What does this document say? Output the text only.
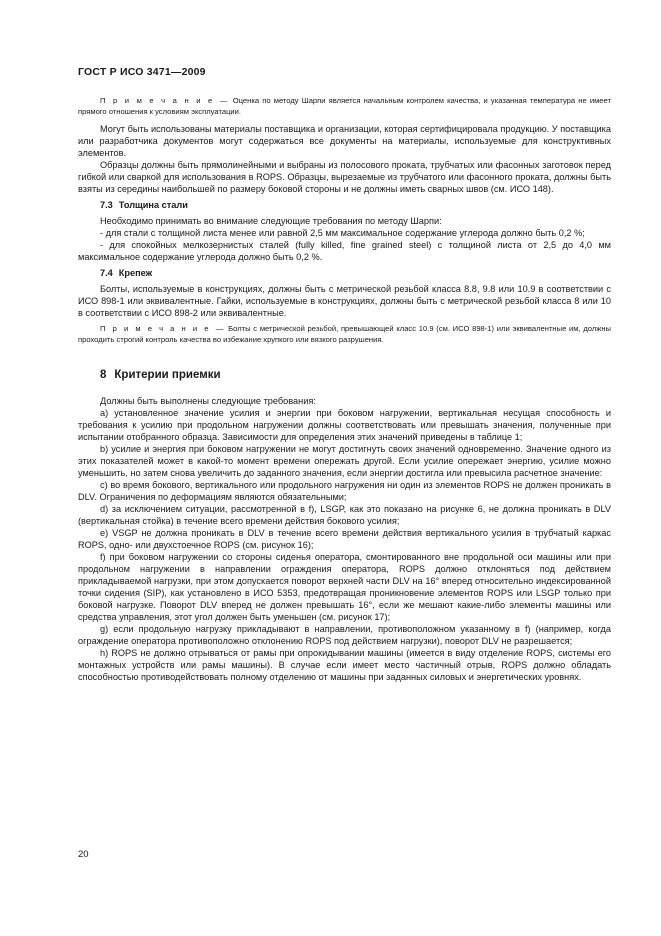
ГОСТ Р ИСО 3471—2009

П р и м е ч а н и е — Оценка по методу Шарпи является начальным контролем качества, и указанная температура не имеет прямого отношения к условиям эксплуатации.

Могут быть использованы материалы поставщика и организации, которая сертифицировала продукцию. У поставщика или разработчика документов могут содержаться все документы на материалы, используемые для конструктивных элементов.

Образцы должны быть прямолинейными и выбраны из полосового проката, трубчатых или фасонных заготовок перед гибкой или сваркой для использования в ROPS. Образцы, вырезаемые из трубчатого или фасонного проката, должны быть взяты из середины наибольшей по размеру боковой стороны и не должны иметь сварных швов (см. ИСО 148).

7.3 Толщина стали

Необходимо принимать во внимание следующие требования по методу Шарпи:

- для стали с толщиной листа менее или равной 2,5 мм максимальное содержание углерода должно быть 0,2 %;

- для спокойных мелкозернистых сталей (fully killed, fine grained steel) с толщиной листа от 2,5 до 4,0 мм максимальное содержание углерода должно быть 0,2 %.

7.4 Крепеж

Болты, используемые в конструкциях, должны быть с метрической резьбой класса 8.8, 9.8 или 10.9 в соответствии с ИСО 898-1 или эквивалентные. Гайки, используемые в конструкциях, должны быть с метрической резьбой класса 8 или 10 в соответствии с ИСО 898-2 или эквивалентные.

П р и м е ч а н и е — Болты с метрической резьбой, превышающей класс 10.9 (см. ИСО 898-1) или эквивалентные им, должны проходить строгий контроль качества во избежание хрупкого или вязкого разрушения.

8 Критерии приемки

Должны быть выполнены следующие требования:

а) установленное значение усилия и энергии при боковом нагружении, вертикальная несущая способность и требования к усилию при продольном нагружении должны соответствовать или превышать значения, полученные при испытании отобранного образца. Зависимости для определения этих значений приведены в таблице 1;

b) усилие и энергия при боковом нагружении не могут достигнуть своих значений одновременно. Значение одного из этих показателей может в какой-то момент времени опережать другой. Если усилие опережает энергию, усилие можно уменьшить, но затем снова увеличить до заданного значения, если энергии достигла или превысила расчетное значение:

c) во время бокового, вертикального или продольного нагружения ни один из элементов ROPS не должен проникать в DLV. Ограничения по деформациям являются обязательными;

d) за исключением ситуации, рассмотренной в f), LSGP, как это показано на рисунке 6, не должна проникать в DLV (вертикальная стойка) в течение всего времени действия бокового усилия;

e) VSGP не должна проникать в DLV в течение всего времени действия вертикального усилия в трубчатый каркас ROPS, одно- или двухстоечное ROPS (см. рисунок 16);

f) при боковом нагружении со стороны сиденья оператора, смонтированного вне продольной оси машины или при продольном нагружении в направлении ограждения оператора, ROPS должно отклоняться под действием прикладываемой нагрузки, при этом допускается поворот верхней части DLV на 16° вперед относительно индексированной точки сидения (SIP), как установлено в ИСО 5353, предотвращая проникновение элементов ROPS или LSGP только при боковой нагрузке. Поворот DLV вперед не должен превышать 16°, если же мешают какие-либо элементы машины или средства управления, этот угол должен быть уменьшен (см. рисунок 17);

g) если продольную нагрузку прикладывают в направлении, противоположном указанному в f) (например, когда ограждение оператора противоположно отклонению ROPS под действием нагрузки), поворот DLV не разрешается;

h) ROPS не должно отрываться от рамы при опрокидывании машины (имеется в виду отделение ROPS, системы его монтажных устройств или рамы машины). В случае если имеет место частичный отрыв, ROPS должно обладать способностью противодействовать полному отделению от машины при заданных силовых и энергетических уровнях.

20
